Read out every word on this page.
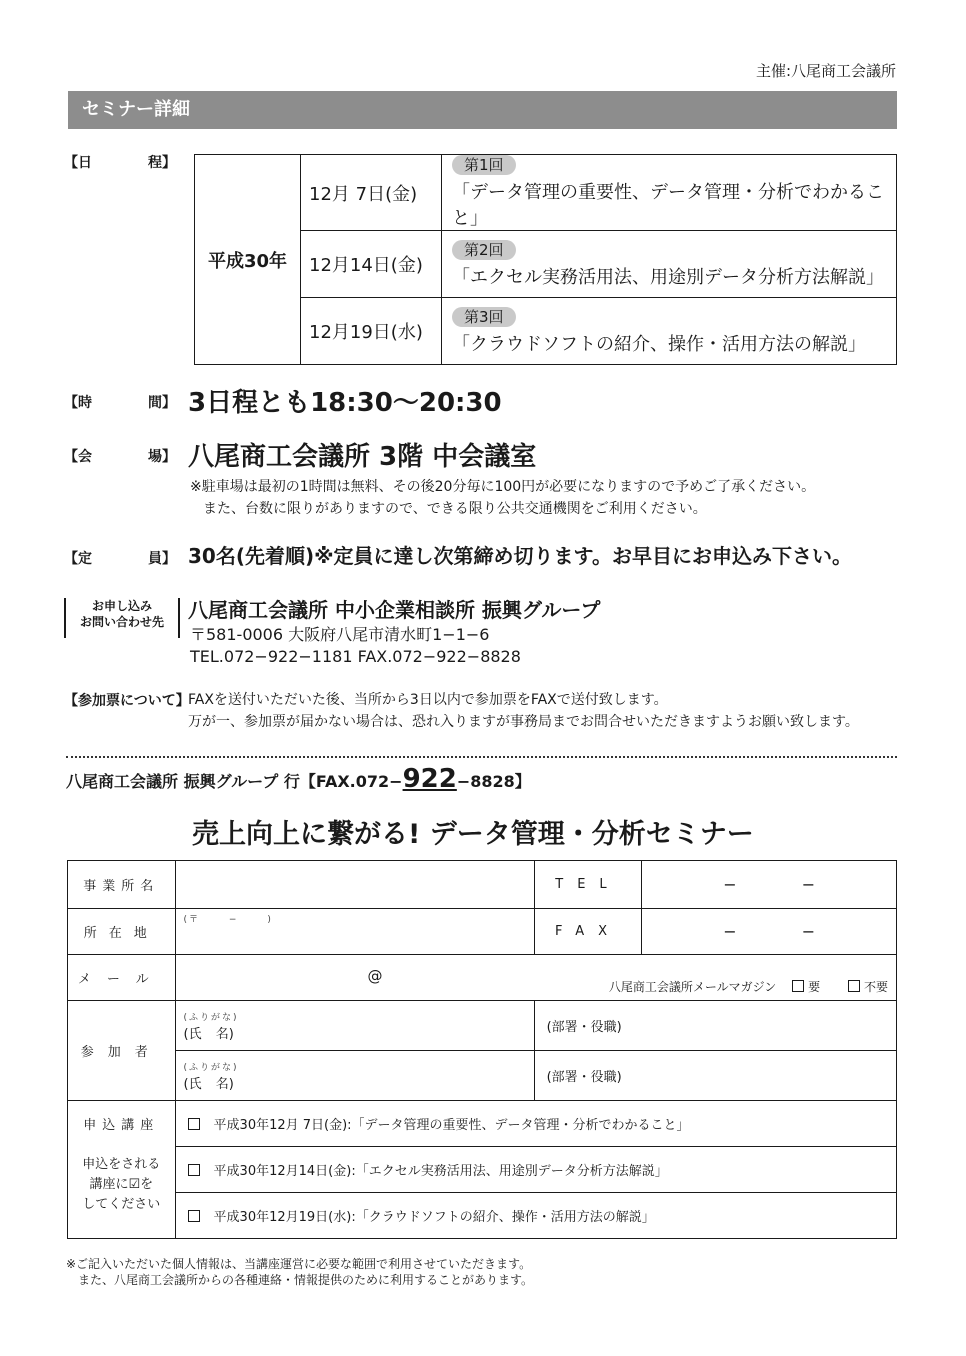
主催:八尾商工会議所
セミナー詳細
【日	程】
平成30年	12月 7日(金)	第1回
「データ管理の重要性、データ管理・分析でわかること」

	12月14日(金)	第2回
「エクセル実務活用法、用途別データ分析方法解説」

	12月19日(水)	第3回
「クラウドソフトの紹介、操作・活用方法の解説」
【時	間】 3日程とも18:30〜20:30
【会	場】 八尾商工会議所 3階 中会議室
※駐車場は最初の1時間は無料、その後20分毎に100円が必要になりますので予めご了承ください。
また、台数に限りがありますので、できる限り公共交通機関をご利用ください。
【定	員】 30名(先着順)※定員に達し次第締め切ります。お早目にお申込み下さい。
お申し込み
お問い合わせ先	八尾商工会議所 中小企業相談所 振興グループ
〒581-0006 大阪府八尾市清水町1−1−6
TEL.072−922−1181 FAX.072−922−8828
【参加票について】
FAXを送付いただいた後、当所から3日以内で参加票をFAXで送付致します。
万が一、参加票が届かない場合は、恐れ入りますが事務局までお問合せいただきますようお願い致します。
八尾商工会議所 振興グループ 行【FAX.072−922−8828】
売上向上に繋がる! データ管理・分析セミナー
事業所名		TEL	− −
所在地	(〒 − )	FAX	− −
メール	@
八尾商工会議所メールマガジン 要 不要		

参加者	(ふりがな)
(氏 名)	(部署・役職)	

	(ふりがな)
(氏 名)	(部署・役職)	
申込講座	平成30年12月 7日(金):「データ管理の重要性、データ管理・分析でわかること」		

申込をされる
講座に☑を
してください	平成30年12月14日(金):「エクセル実務活用法、用途別データ分析方法解説」		
	平成30年12月19日(水):「クラウドソフトの紹介、操作・活用方法の解説」		
※ご記入いただいた個人情報は、当講座運営に必要な範囲で利用させていただきます。
また、八尾商工会議所からの各種連絡・情報提供のために利用することがあります。
